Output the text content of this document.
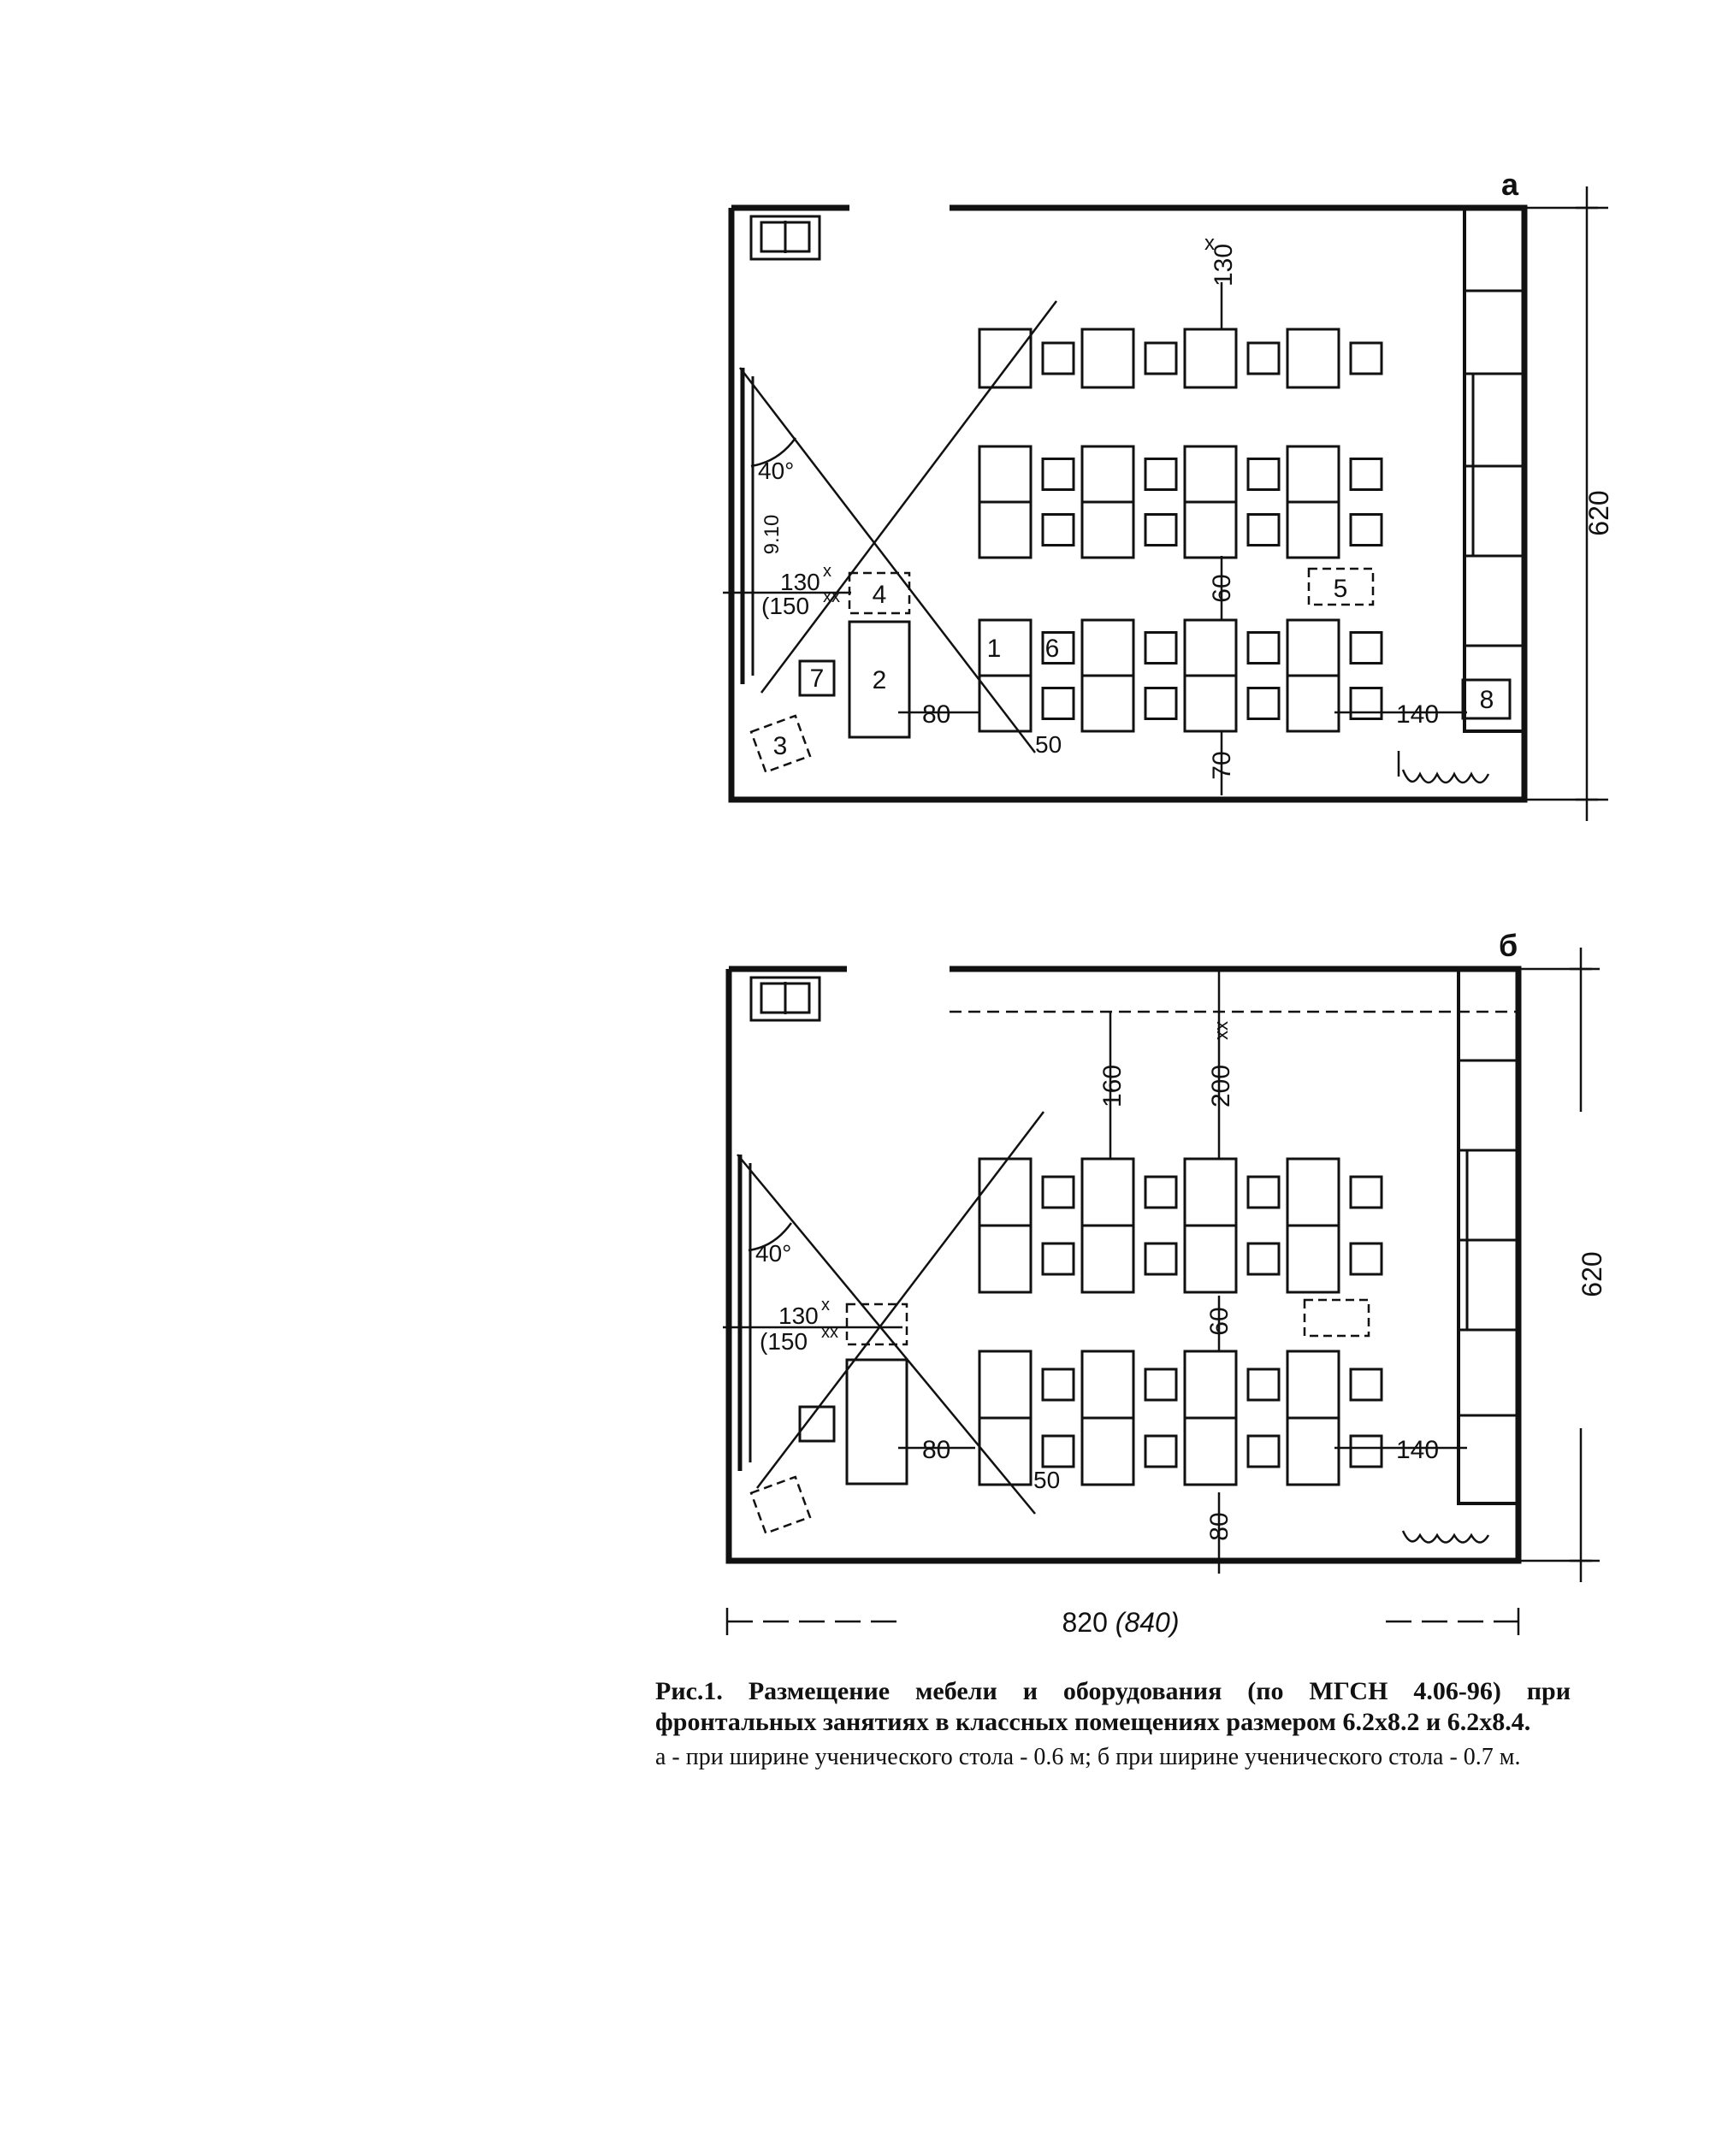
а
620
130
x
60
70
80	140
50
40°
9.10
130 x
(150 xx
1
2
3
4	5
6
7
8
б
620
160	200
xx
60
80
80	140
50
40°
130 x
(150 xx
820 (840)

Рис.1. Размещение мебели и оборудования (по МГСН 4.06-96) при фронтальных занятиях в классных помещениях размером 6.2х8.2 и 6.2х8.4.

а - при ширине ученического стола - 0.6 м; б при ширине ученического стола - 0.7 м.
